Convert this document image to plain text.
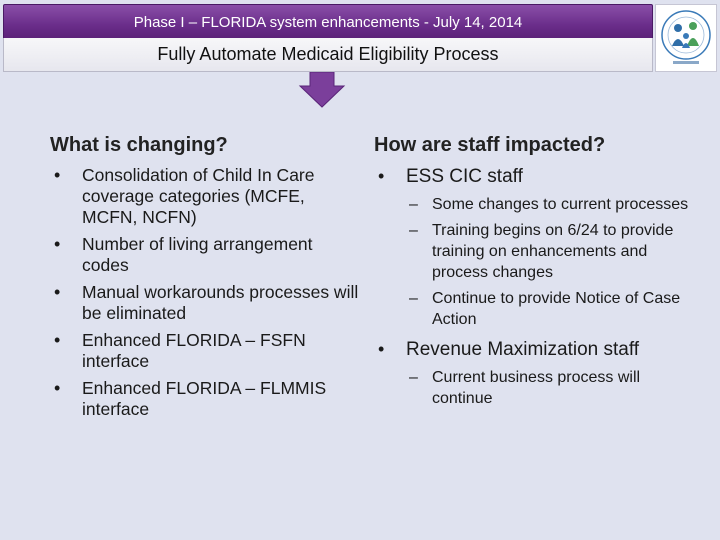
Phase I – FLORIDA system enhancements - July 14, 2014
Fully Automate Medicaid Eligibility Process
What is changing?
• Consolidation of Child In Care coverage categories (MCFE, MCFN, NCFN)
• Number of living arrangement codes
• Manual workarounds processes will be eliminated
• Enhanced FLORIDA – FSFN interface
• Enhanced FLORIDA – FLMMIS interface
How are staff impacted?
• ESS CIC staff
– Some changes to current processes
– Training begins on 6/24 to provide training on enhancements and process changes
– Continue to provide Notice of Case Action
• Revenue Maximization staff
– Current business process will continue
